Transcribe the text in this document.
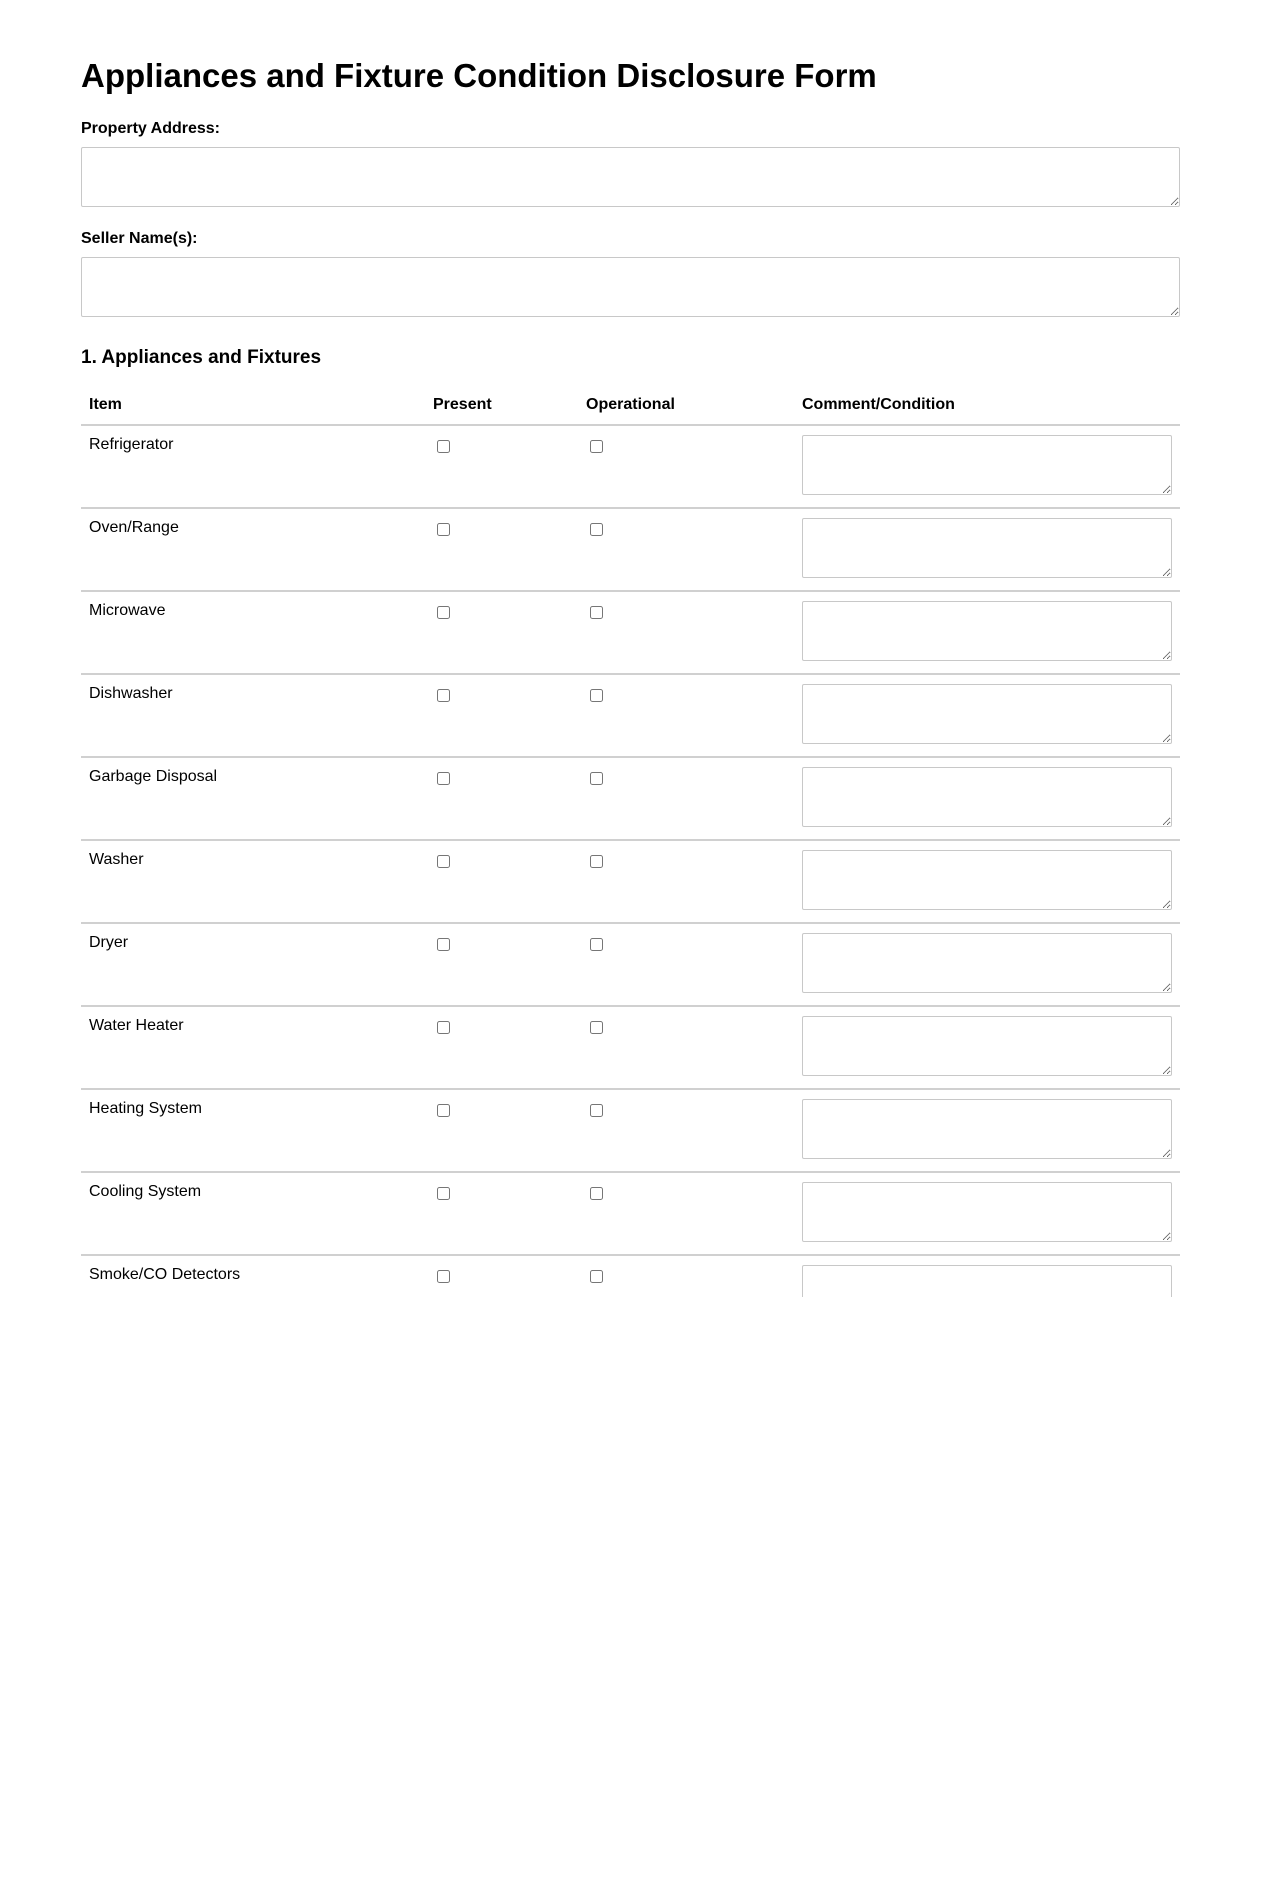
Appliances and Fixture Condition Disclosure Form
Property Address:
Seller Name(s):
1. Appliances and Fixtures
Item	Present	Operational	Comment/Condition
Refrigerator			

Oven/Range			

Microwave			

Dishwasher			

Garbage Disposal			

Washer			

Dryer			

Water Heater			

Heating System			

Cooling System			

Smoke/CO Detectors			
